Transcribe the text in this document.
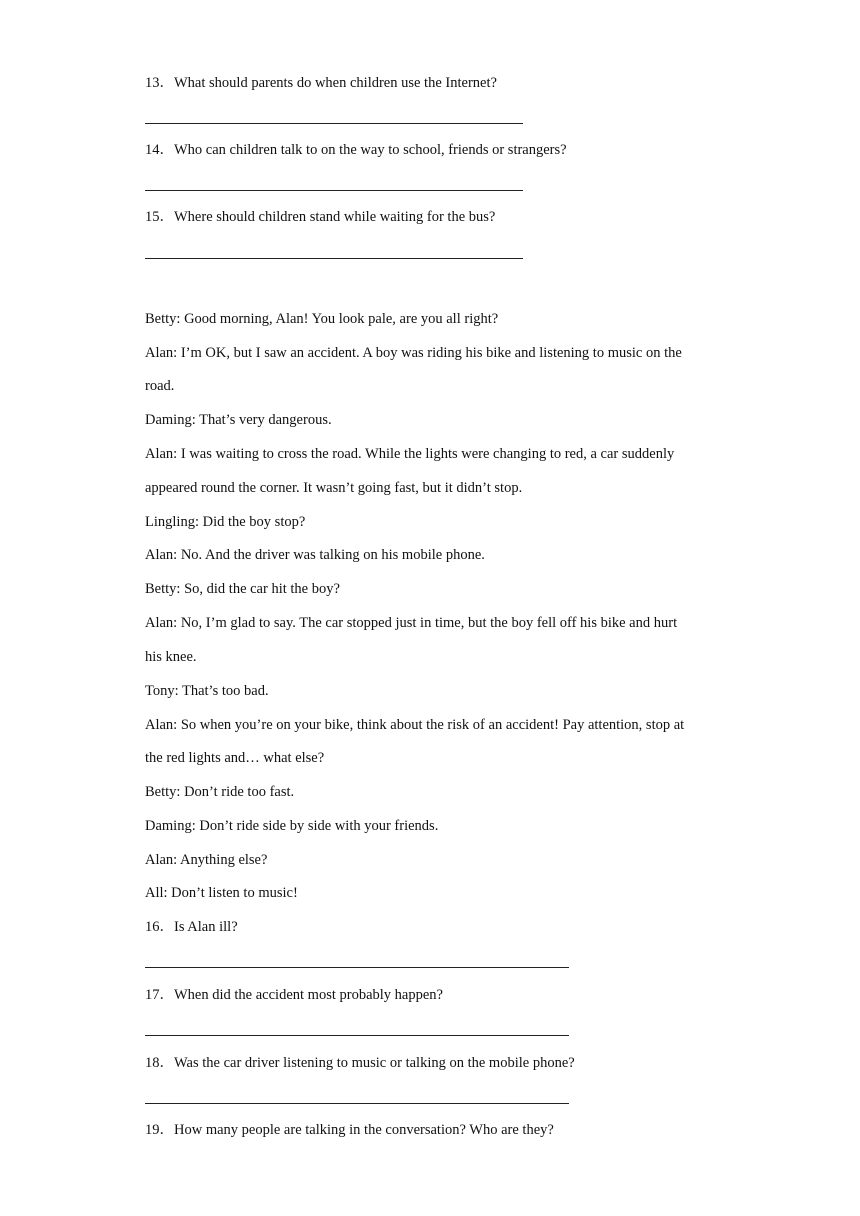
13．What should parents do when children use the Internet?
14．Who can children talk to on the way to school, friends or strangers?
15．Where should children stand while waiting for the bus?
Betty: Good morning, Alan! You look pale, are you all right?
Alan: I’m OK, but I saw an accident. A boy was riding his bike and listening to music on the
road.
Daming: That’s very dangerous.
Alan: I was waiting to cross the road. While the lights were changing to red, a car suddenly
appeared round the corner. It wasn’t going fast, but it didn’t stop.
Lingling: Did the boy stop?
Alan: No. And the driver was talking on his mobile phone.
Betty: So, did the car hit the boy?
Alan: No, I’m glad to say. The car stopped just in time, but the boy fell off his bike and hurt
his knee.
Tony: That’s too bad.
Alan: So when you’re on your bike, think about the risk of an accident! Pay attention, stop at
the red lights and… what else?
Betty: Don’t ride too fast.
Daming: Don’t ride side by side with your friends.
Alan: Anything else?
All: Don’t listen to music!
16．Is Alan ill?
17．When did the accident most probably happen?
18．Was the car driver listening to music or talking on the mobile phone?
19．How many people are talking in the conversation? Who are they?
